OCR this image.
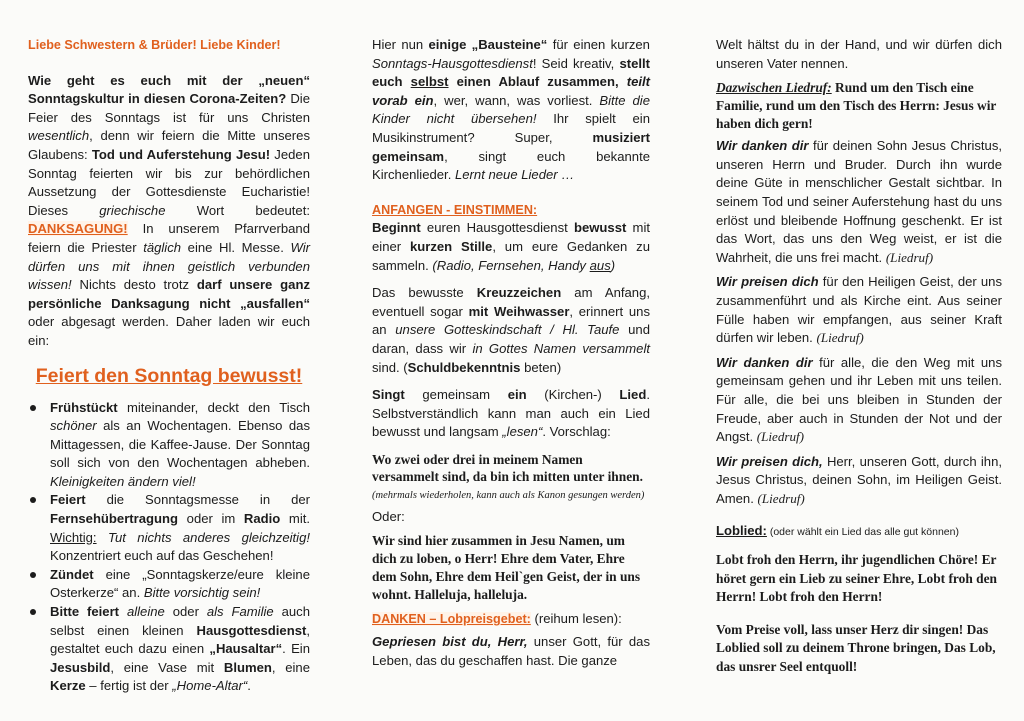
Liebe Schwestern & Brüder! Liebe Kinder!

Wie geht es euch mit der „neuen“ Sonntagskultur in diesen Corona-Zeiten? Die Feier des Sonntags ist für uns Christen wesentlich, denn wir feiern die Mitte unseres Glaubens: Tod und Auferstehung Jesu! Jeden Sonntag feierten wir bis zur behördlichen Aussetzung der Gottesdienste Eucharistie! Dieses griechische Wort bedeutet: DANKSAGUNG! In unserem Pfarrverband feiern die Priester täglich eine Hl. Messe. Wir dürfen uns mit ihnen geistlich verbunden wissen! Nichts desto trotz darf unsere ganz persönliche Danksagung nicht „ausfallen“ oder abgesagt werden. Daher laden wir euch ein:

Feiert den Sonntag bewusst!
Frühstückt miteinander, deckt den Tisch schöner als an Wochentagen. Ebenso das Mittagessen, die Kaffee-Jause. Der Sonntag soll sich von den Wochentagen abheben. Kleinigkeiten ändern viel!
Feiert die Sonntagsmesse in der Fernsehübertragung oder im Radio mit. Wichtig: Tut nichts anderes gleichzeitig! Konzentriert euch auf das Geschehen!
Zündet eine „Sonntagskerze/eure kleine Osterkerze“ an. Bitte vorsichtig sein!
Bitte feiert alleine oder als Familie auch selbst einen kleinen Hausgottesdienst, gestaltet euch dazu einen „Hausaltar“. Ein Jesusbild, eine Vase mit Blumen, eine Kerze – fertig ist der „Home-Altar“.

Hier nun einige „Bausteine“ für einen kurzen Sonntags-Hausgottesdienst! Seid kreativ, stellt euch selbst einen Ablauf zusammen, teilt vorab ein, wer, wann, was vorliest. Bitte die Kinder nicht übersehen! Ihr spielt ein Musikinstrument? Super, musiziert gemeinsam, singt euch bekannte Kirchenlieder. Lernt neue Lieder …

ANFANGEN - EINSTIMMEN:

Beginnt euren Hausgottesdienst bewusst mit einer kurzen Stille, um eure Gedanken zu sammeln. (Radio, Fernsehen, Handy aus)

Das bewusste Kreuzzeichen am Anfang, eventuell sogar mit Weihwasser, erinnert uns an unsere Gotteskindschaft / Hl. Taufe und daran, dass wir in Gottes Namen versammelt sind. (Schuldbekenntnis beten)

Singt gemeinsam ein (Kirchen-) Lied. Selbstverständlich kann man auch ein Lied bewusst und langsam „lesen“. Vorschlag:

Wo zwei oder drei in meinem Namen versammelt sind, da bin ich mitten unter ihnen. (mehrmals wiederholen, kann auch als Kanon gesungen werden)

Oder:

Wir sind hier zusammen in Jesu Namen, um dich zu loben, o Herr! Ehre dem Vater, Ehre dem Sohn, Ehre dem Heil`gen Geist, der in uns wohnt. Halleluja, halleluja.

DANKEN – Lobpreisgebet: (reihum lesen):

Gepriesen bist du, Herr, unser Gott, für das Leben, das du geschaffen hast. Die ganze

Welt hältst du in der Hand, und wir dürfen dich unseren Vater nennen.

Dazwischen Liedruf: Rund um den Tisch eine Familie, rund um den Tisch des Herrn: Jesus wir haben dich gern!

Wir danken dir für deinen Sohn Jesus Christus, unseren Herrn und Bruder. Durch ihn wurde deine Güte in menschlicher Gestalt sichtbar. In seinem Tod und seiner Auferstehung hast du uns erlöst und bleibende Hoffnung geschenkt. Er ist das Wort, das uns den Weg weist, er ist die Wahrheit, die uns frei macht. (Liedruf)

Wir preisen dich für den Heiligen Geist, der uns zusammenführt und als Kirche eint. Aus seiner Fülle haben wir empfangen, aus seiner Kraft dürfen wir leben. (Liedruf)

Wir danken dir für alle, die den Weg mit uns gemeinsam gehen und ihr Leben mit uns teilen. Für alle, die bei uns bleiben in Stunden der Freude, aber auch in Stunden der Not und der Angst. (Liedruf)

Wir preisen dich, Herr, unseren Gott, durch ihn, Jesus Christus, deinen Sohn, im Heiligen Geist. Amen. (Liedruf)

Loblied: (oder wählt ein Lied das alle gut können)

Lobt froh den Herrn, ihr jugendlichen Chöre! Er höret gern ein Lieb zu seiner Ehre, Lobt froh den Herrn! Lobt froh den Herrn!

Vom Preise voll, lass unser Herz dir singen! Das Loblied soll zu deinem Throne bringen, Das Lob, das unsrer Seel entquoll!
